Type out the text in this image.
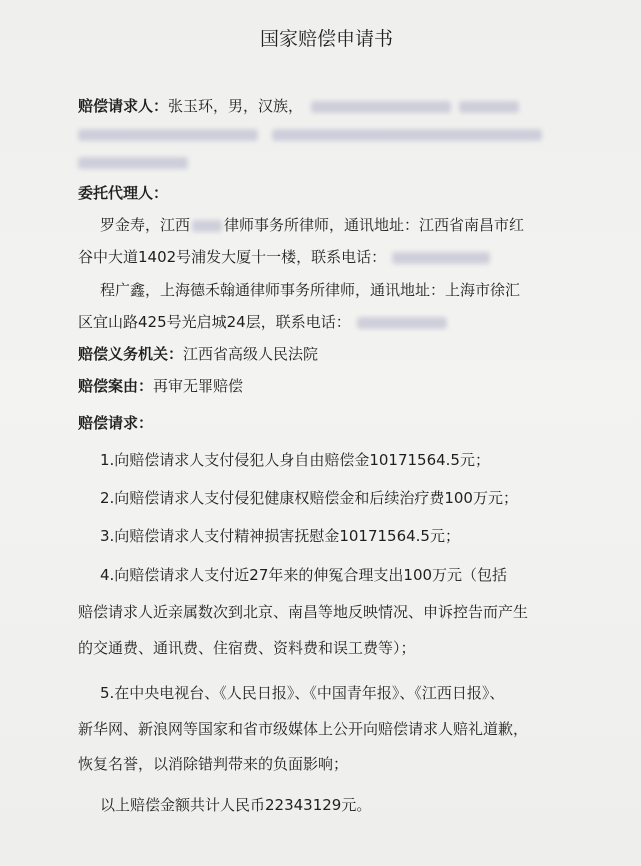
国家赔偿申请书
赔偿请求人：张玉环，男，汉族，
委托代理人：
罗金寿，江西 律师事务所律师，通讯地址：江西省南昌市红
谷中大道1402号浦发大厦十一楼，联系电话：
程广鑫，上海德禾翰通律师事务所律师，通讯地址：上海市徐汇
区宜山路425号光启城24层，联系电话：
赔偿义务机关：江西省高级人民法院
赔偿案由：再审无罪赔偿
赔偿请求：
1.向赔偿请求人支付侵犯人身自由赔偿金10171564.5元；
2.向赔偿请求人支付侵犯健康权赔偿金和后续治疗费100万元；
3.向赔偿请求人支付精神损害抚慰金10171564.5元；
4.向赔偿请求人支付近27年来的伸冤合理支出100万元（包括
赔偿请求人近亲属数次到北京、南昌等地反映情况、申诉控告而产生
的交通费、通讯费、住宿费、资料费和误工费等）；
5.在中央电视台、《人民日报》、《中国青年报》、《江西日报》、
新华网、新浪网等国家和省市级媒体上公开向赔偿请求人赔礼道歉，
恢复名誉，以消除错判带来的负面影响；
以上赔偿金额共计人民币22343129元。
